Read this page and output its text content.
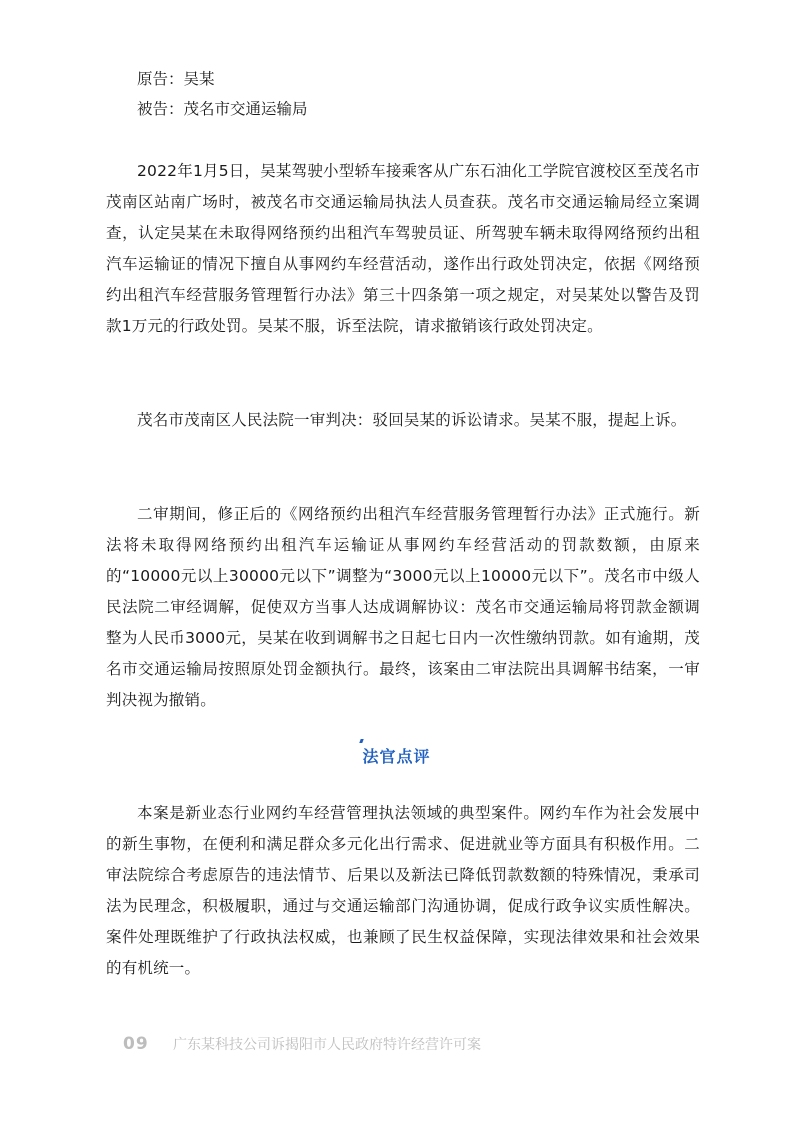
原告：吴某
被告：茂名市交通运输局

2022年1月5日，吴某驾驶小型轿车接乘客从广东石油化工学院官渡校区至茂名市茂南区站南广场时，被茂名市交通运输局执法人员查获。茂名市交通运输局经立案调查，认定吴某在未取得网络预约出租汽车驾驶员证、所驾驶车辆未取得网络预约出租汽车运输证的情况下擅自从事网约车经营活动，遂作出行政处罚决定，依据《网络预约出租汽车经营服务管理暂行办法》第三十四条第一项之规定，对吴某处以警告及罚款1万元的行政处罚。吴某不服，诉至法院，请求撤销该行政处罚决定。

茂名市茂南区人民法院一审判决：驳回吴某的诉讼请求。吴某不服，提起上诉。

二审期间，修正后的《网络预约出租汽车经营服务管理暂行办法》正式施行。新法将未取得网络预约出租汽车运输证从事网约车经营活动的罚款数额，由原来的“10000元以上30000元以下”调整为“3000元以上10000元以下”。茂名市中级人民法院二审经调解，促使双方当事人达成调解协议：茂名市交通运输局将罚款金额调整为人民币3000元，吴某在收到调解书之日起七日内一次性缴纳罚款。如有逾期，茂名市交通运输局按照原处罚金额执行。最终，该案由二审法院出具调解书结案，一审判决视为撤销。

法官点评

本案是新业态行业网约车经营管理执法领域的典型案件。网约车作为社会发展中的新生事物，在便利和满足群众多元化出行需求、促进就业等方面具有积极作用。二审法院综合考虑原告的违法情节、后果以及新法已降低罚款数额的特殊情况，秉承司法为民理念，积极履职，通过与交通运输部门沟通协调，促成行政争议实质性解决。案件处理既维护了行政执法权威，也兼顾了民生权益保障，实现法律效果和社会效果的有机统一。

09	广东某科技公司诉揭阳市人民政府特许经营许可案
